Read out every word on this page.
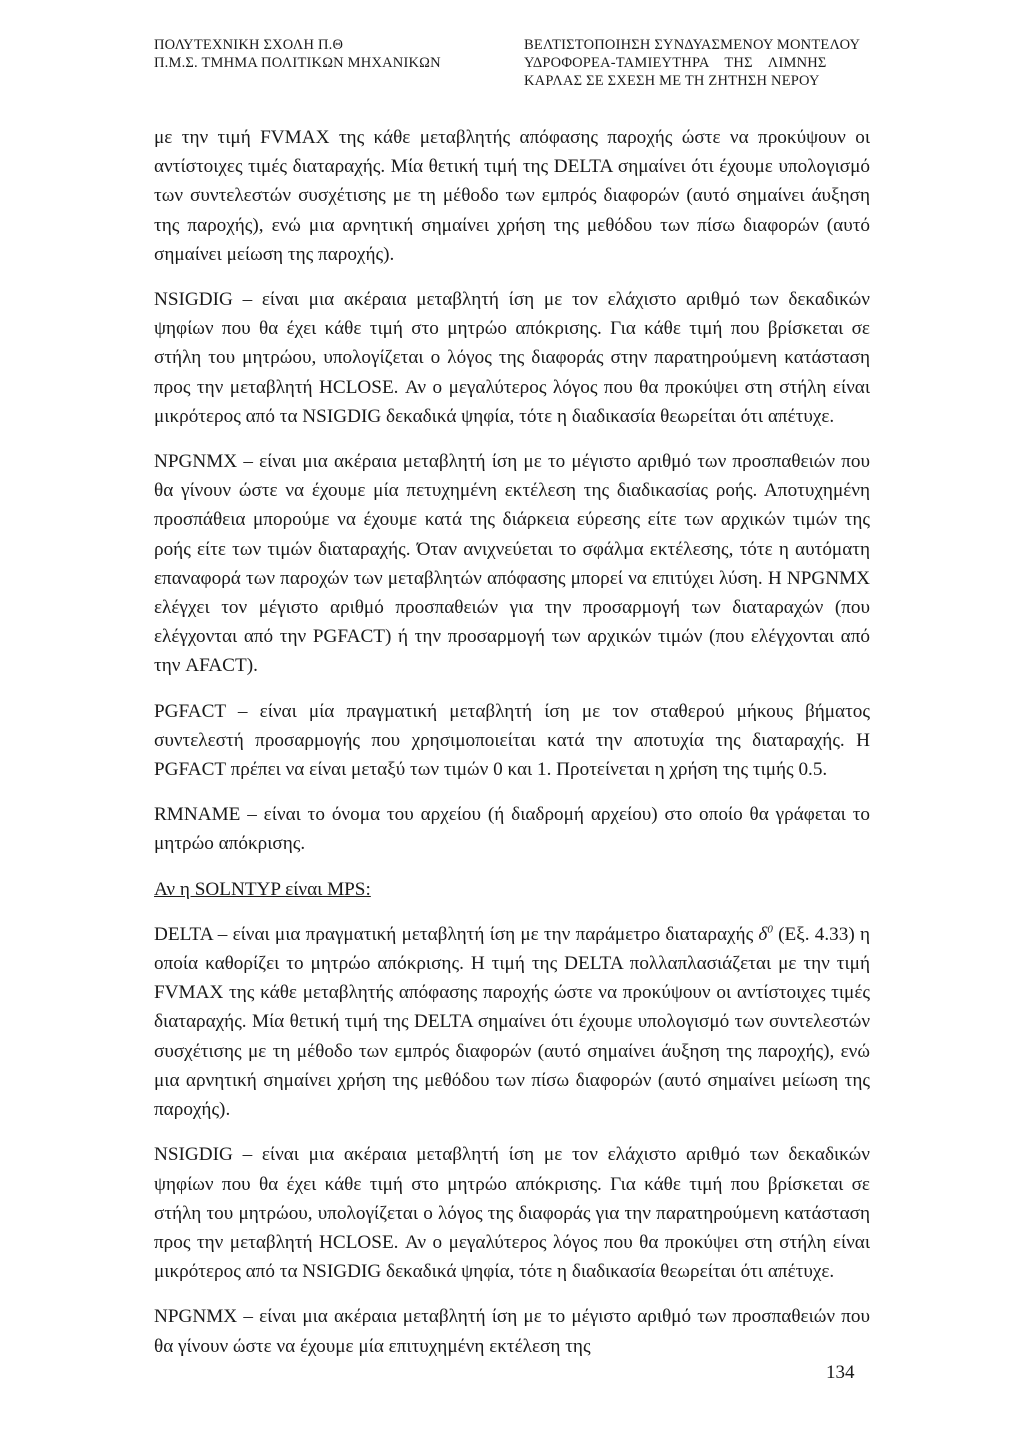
ΠΟΛΥΤΕΧΝΙΚΗ ΣΧΟΛΗ Π.Θ
Π.Μ.Σ. ΤΜΗΜΑ ΠΟΛΙΤΙΚΩΝ ΜΗΧΑΝΙΚΩΝ
ΒΕΛΤΙΣΤΟΠΟΙΗΣΗ ΣΥΝΔΥΑΣΜΕΝΟΥ ΜΟΝΤΕΛΟΥ
ΥΔΡΟΦΟΡΕΑ-ΤΑΜΙΕΥΤΗΡΑ ΤΗΣ ΛΙΜΝΗΣ
ΚΑΡΛΑΣ ΣΕ ΣΧΕΣΗ ΜΕ ΤΗ ΖΗΤΗΣΗ ΝΕΡΟΥ

με την τιμή FVMAX της κάθε μεταβλητής απόφασης παροχής ώστε να προκύψουν οι αντίστοιχες τιμές διαταραχής. Μία θετική τιμή της DELTA σημαίνει ότι έχουμε υπολογισμό των συντελεστών συσχέτισης με τη μέθοδο των εμπρός διαφορών (αυτό σημαίνει άυξηση της παροχής), ενώ μια αρνητική σημαίνει χρήση της μεθόδου των πίσω διαφορών (αυτό σημαίνει μείωση της παροχής).

NSIGDIG – είναι μια ακέραια μεταβλητή ίση με τον ελάχιστο αριθμό των δεκαδικών ψηφίων που θα έχει κάθε τιμή στο μητρώο απόκρισης. Για κάθε τιμή που βρίσκεται σε στήλη του μητρώου, υπολογίζεται ο λόγος της διαφοράς στην παρατηρούμενη κατάσταση προς την μεταβλητή HCLOSE. Αν ο μεγαλύτερος λόγος που θα προκύψει στη στήλη είναι μικρότερος από τα NSIGDIG δεκαδικά ψηφία, τότε η διαδικασία θεωρείται ότι απέτυχε.

NPGNMX – είναι μια ακέραια μεταβλητή ίση με το μέγιστο αριθμό των προσπαθειών που θα γίνουν ώστε να έχουμε μία πετυχημένη εκτέλεση της διαδικασίας ροής. Αποτυχημένη προσπάθεια μπορούμε να έχουμε κατά της διάρκεια εύρεσης είτε των αρχικών τιμών της ροής είτε των τιμών διαταραχής. Όταν ανιχνεύεται το σφάλμα εκτέλεσης, τότε η αυτόματη επαναφορά των παροχών των μεταβλητών απόφασης μπορεί να επιτύχει λύση. Η NPGNMX ελέγχει τον μέγιστο αριθμό προσπαθειών για την προσαρμογή των διαταραχών (που ελέγχονται από την PGFACT) ή την προσαρμογή των αρχικών τιμών (που ελέγχονται από την AFACT).

PGFACT – είναι μία πραγματική μεταβλητή ίση με τον σταθερού μήκους βήματος συντελεστή προσαρμογής που χρησιμοποιείται κατά την αποτυχία της διαταραχής. Η PGFACT πρέπει να είναι μεταξύ των τιμών 0 και 1. Προτείνεται η χρήση της τιμής 0.5.

RMNAME – είναι το όνομα του αρχείου (ή διαδρομή αρχείου) στο οποίο θα γράφεται το μητρώο απόκρισης.

Αν η SOLNTYP είναι MPS:

DELTA – είναι μια πραγματική μεταβλητή ίση με την παράμετρο διαταραχής $\delta^0$ (Εξ. 4.33) η οποία καθορίζει το μητρώο απόκρισης. Η τιμή της DELTA πολλαπλασιάζεται με την τιμή FVMAX της κάθε μεταβλητής απόφασης παροχής ώστε να προκύψουν οι αντίστοιχες τιμές διαταραχής. Μία θετική τιμή της DELTA σημαίνει ότι έχουμε υπολογισμό των συντελεστών συσχέτισης με τη μέθοδο των εμπρός διαφορών (αυτό σημαίνει άυξηση της παροχής), ενώ μια αρνητική σημαίνει χρήση της μεθόδου των πίσω διαφορών (αυτό σημαίνει μείωση της παροχής).

NSIGDIG – είναι μια ακέραια μεταβλητή ίση με τον ελάχιστο αριθμό των δεκαδικών ψηφίων που θα έχει κάθε τιμή στο μητρώο απόκρισης. Για κάθε τιμή που βρίσκεται σε στήλη του μητρώου, υπολογίζεται ο λόγος της διαφοράς για την παρατηρούμενη κατάσταση προς την μεταβλητή HCLOSE. Αν ο μεγαλύτερος λόγος που θα προκύψει στη στήλη είναι μικρότερος από τα NSIGDIG δεκαδικά ψηφία, τότε η διαδικασία θεωρείται ότι απέτυχε.

NPGNMX – είναι μια ακέραια μεταβλητή ίση με το μέγιστο αριθμό των προσπαθειών που θα γίνουν ώστε να έχουμε μία επιτυχημένη εκτέλεση της

134
